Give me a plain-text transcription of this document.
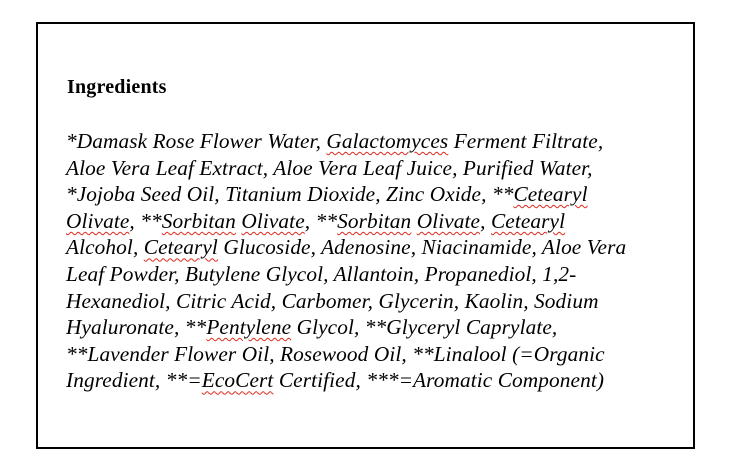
Ingredients
*Damask Rose Flower Water, Galactomyces Ferment Filtrate,
Aloe Vera Leaf Extract, Aloe Vera Leaf Juice, Purified Water,
*Jojoba Seed Oil, Titanium Dioxide, Zinc Oxide, **Cetearyl
Olivate, **Sorbitan Olivate, **Sorbitan Olivate, Cetearyl
Alcohol, Cetearyl Glucoside, Adenosine, Niacinamide, Aloe Vera
Leaf Powder, Butylene Glycol, Allantoin, Propanediol, 1,2-
Hexanediol, Citric Acid, Carbomer, Glycerin, Kaolin, Sodium
Hyaluronate, **Pentylene Glycol, **Glyceryl Caprylate,
**Lavender Flower Oil, Rosewood Oil, **Linalool (=Organic
Ingredient, **=EcoCert Certified, ***=Aromatic Component)
